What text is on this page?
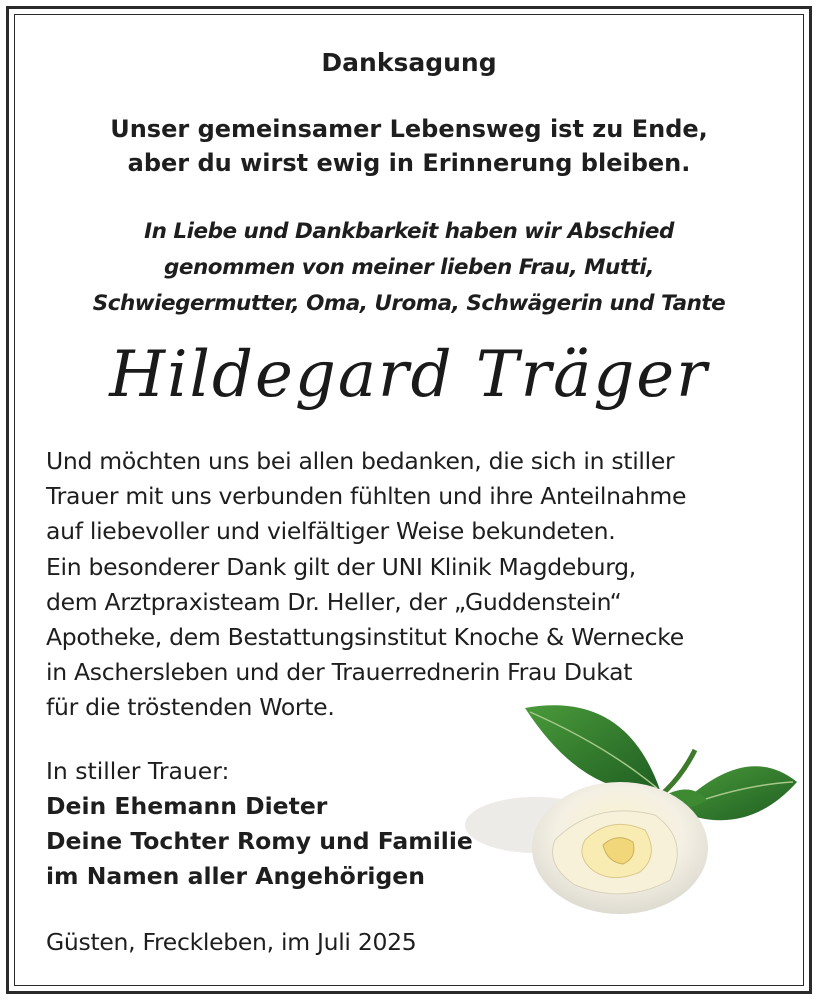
Danksagung
Unser gemeinsamer Lebensweg ist zu Ende,
aber du wirst ewig in Erinnerung bleiben.
In Liebe und Dankbarkeit haben wir Abschied
genommen von meiner lieben Frau, Mutti,
Schwiegermutter, Oma, Uroma, Schwägerin und Tante
Hildegard Träger
Und möchten uns bei allen bedanken, die sich in stiller
Trauer mit uns verbunden fühlten und ihre Anteilnahme
auf liebevoller und vielfältiger Weise bekundeten.
Ein besonderer Dank gilt der UNI Klinik Magdeburg,
dem Arztpraxisteam Dr. Heller, der „Guddenstein“
Apotheke, dem Bestattungsinstitut Knoche & Wernecke
in Aschersleben und der Trauerrednerin Frau Dukat
für die tröstenden Worte.
In stiller Trauer:
Dein Ehemann Dieter
Deine Tochter Romy und Familie
im Namen aller Angehörigen
Güsten, Freckleben, im Juli 2025
